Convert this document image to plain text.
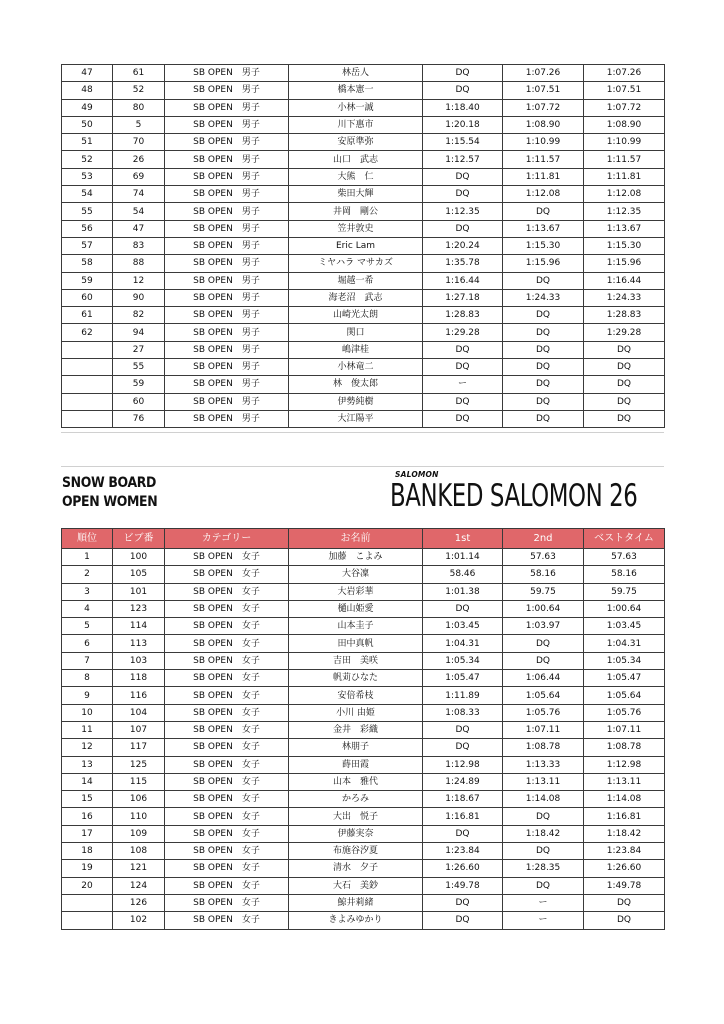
47	61	SB OPEN　男子	林岳人	DQ	1:07.26	1:07.26
48	52	SB OPEN　男子	橋本憲一	DQ	1:07.51	1:07.51
49	80	SB OPEN　男子	小林一誠	1:18.40	1:07.72	1:07.72
50	5	SB OPEN　男子	川下惠市	1:20.18	1:08.90	1:08.90
51	70	SB OPEN　男子	安原準弥	1:15.54	1:10.99	1:10.99
52	26	SB OPEN　男子	山口　武志	1:12.57	1:11.57	1:11.57
53	69	SB OPEN　男子	大熊　仁	DQ	1:11.81	1:11.81
54	74	SB OPEN　男子	柴田大輝	DQ	1:12.08	1:12.08
55	54	SB OPEN　男子	井岡　剛公	1:12.35	DQ	1:12.35
56	47	SB OPEN　男子	笠井敦史	DQ	1:13.67	1:13.67
57	83	SB OPEN　男子	Eric Lam	1:20.24	1:15.30	1:15.30
58	88	SB OPEN　男子	ミヤハラ マサカズ	1:35.78	1:15.96	1:15.96
59	12	SB OPEN　男子	堀越一希	1:16.44	DQ	1:16.44
60	90	SB OPEN　男子	海老沼　武志	1:27.18	1:24.33	1:24.33
61	82	SB OPEN　男子	山崎光太朗	1:28.83	DQ	1:28.83
62	94	SB OPEN　男子	関口	1:29.28	DQ	1:29.28
	27	SB OPEN　男子	嶋津桂	DQ	DQ	DQ
	55	SB OPEN　男子	小林竜二	DQ	DQ	DQ
	59	SB OPEN　男子	林　俊太郎	ー	DQ	DQ
	60	SB OPEN　男子	伊勢純樹	DQ	DQ	DQ
	76	SB OPEN　男子	大江陽平	DQ	DQ	DQ
SNOW BOARD
OPEN WOMEN
SALOMON
BANKED SALOMON 26
順位	ビブ番	カテゴリー	お名前	1st	2nd	ベストタイム
1	100	SB OPEN　女子	加藤　こよみ	1:01.14	57.63	57.63
2	105	SB OPEN　女子	大谷凜	58.46	58.16	58.16
3	101	SB OPEN　女子	大岩彩華	1:01.38	59.75	59.75
4	123	SB OPEN　女子	樋山姫愛	DQ	1:00.64	1:00.64
5	114	SB OPEN　女子	山本圭子	1:03.45	1:03.97	1:03.45
6	113	SB OPEN　女子	田中真帆	1:04.31	DQ	1:04.31
7	103	SB OPEN　女子	吉田　美咲	1:05.34	DQ	1:05.34
8	118	SB OPEN　女子	帆苅ひなた	1:05.47	1:06.44	1:05.47
9	116	SB OPEN　女子	安倍希枝	1:11.89	1:05.64	1:05.64
10	104	SB OPEN　女子	小川 由姫	1:08.33	1:05.76	1:05.76
11	107	SB OPEN　女子	金井　彩織	DQ	1:07.11	1:07.11
12	117	SB OPEN　女子	林朋子	DQ	1:08.78	1:08.78
13	125	SB OPEN　女子	蒔田霞	1:12.98	1:13.33	1:12.98
14	115	SB OPEN　女子	山本　雅代	1:24.89	1:13.11	1:13.11
15	106	SB OPEN　女子	かろみ	1:18.67	1:14.08	1:14.08
16	110	SB OPEN　女子	大出　悦子	1:16.81	DQ	1:16.81
17	109	SB OPEN　女子	伊藤実奈	DQ	1:18.42	1:18.42
18	108	SB OPEN　女子	布施谷汐夏	1:23.84	DQ	1:23.84
19	121	SB OPEN　女子	清水　夕子	1:26.60	1:28.35	1:26.60
20	124	SB OPEN　女子	大石　美鈔	1:49.78	DQ	1:49.78
	126	SB OPEN　女子	鯨井莉緒	DQ	ー	DQ
	102	SB OPEN　女子	きよみゆかり	DQ	ー	DQ
